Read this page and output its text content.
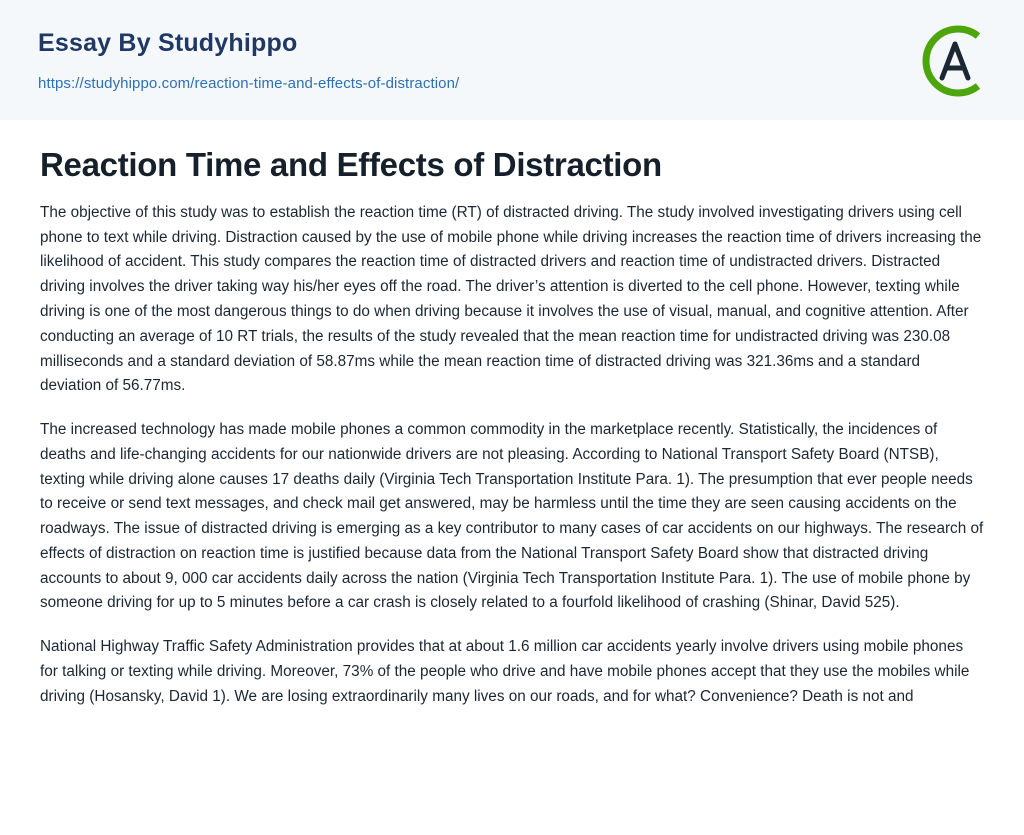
Essay By Studyhippo
https://studyhippo.com/reaction-time-and-effects-of-distraction/
Reaction Time and Effects of Distraction

The objective of this study was to establish the reaction time (RT) of distracted driving. The study involved investigating drivers using cell phone to text while driving. Distraction caused by the use of mobile phone while driving increases the reaction time of drivers increasing the likelihood of accident. This study compares the reaction time of distracted drivers and reaction time of undistracted drivers. Distracted driving involves the driver taking way his/her eyes off the road. The driver’s attention is diverted to the cell phone. However, texting while driving is one of the most dangerous things to do when driving because it involves the use of visual, manual, and cognitive attention. After conducting an average of 10 RT trials, the results of the study revealed that the mean reaction time for undistracted driving was 230.08 milliseconds and a standard deviation of 58.87ms while the mean reaction time of distracted driving was 321.36ms and a standard deviation of 56.77ms.

The increased technology has made mobile phones a common commodity in the marketplace recently. Statistically, the incidences of deaths and life-changing accidents for our nationwide drivers are not pleasing. According to National Transport Safety Board (NTSB), texting while driving alone causes 17 deaths daily (Virginia Tech Transportation Institute Para. 1). The presumption that ever people needs to receive or send text messages, and check mail get answered, may be harmless until the time they are seen causing accidents on the roadways. The issue of distracted driving is emerging as a key contributor to many cases of car accidents on our highways. The research of effects of distraction on reaction time is justified because data from the National Transport Safety Board show that distracted driving accounts to about 9, 000 car accidents daily across the nation (Virginia Tech Transportation Institute Para. 1). The use of mobile phone by someone driving for up to 5 minutes before a car crash is closely related to a fourfold likelihood of crashing (Shinar, David 525).

National Highway Traffic Safety Administration provides that at about 1.6 million car accidents yearly involve drivers using mobile phones for talking or texting while driving. Moreover, 73% of the people who drive and have mobile phones accept that they use the mobiles while driving (Hosansky, David 1). We are losing extraordinarily many lives on our roads, and for what? Convenience? Death is not and
